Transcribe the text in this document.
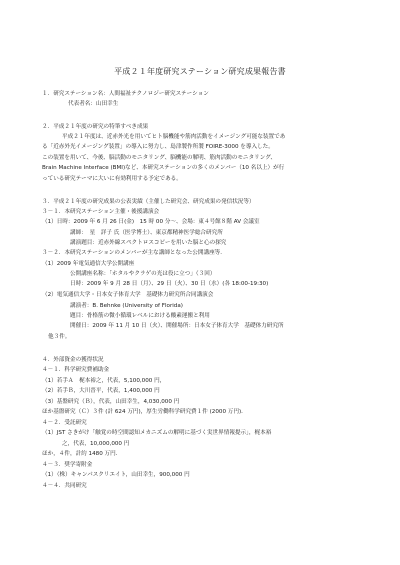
平成２１年度研究ステーション研究成果報告書
１．研究ステーション名：人間福祉テクノロジー研究ステーション
代表者名：山田幸生
２．平成２１年度の研究の特筆すべき成果
平成２１年度は、近赤外光を用いてヒト脳機能や筋肉活動をイメージング可能な装置であ
る「近赤外光イメージング装置」の導入に努力し、島津製作所製 FOIRE-3000 を導入した。
この装置を用いて、今後、脳活動のモニタリング、脳機能の解明、筋肉活動のモニタリング、
Brain Machine Interface (BMI)など、本研究ステーションの多くのメンバー（10 名以上）が行
っている研究テーマに大いに有効利用する予定である。
３．平成２１年度の研究成果の公表実績（主催した研究会、研究成果の発信状況等）
３－１．本研究ステーション主催・後援講演会
（1）日時：2009 年 6 月 26 日(金)　15 時 00 分～、会場：東４号館８階 AV 会議室
講師：　星　詳子 氏（医学博士）、東京都精神医学総合研究所
講演題目：近赤外線スペクトロスコピーを用いた脳と心の探究
３－２．本研究ステーションのメンバーが主な講師となった公開講座等．
（1）2009 年電気通信大学公開講座
公開講座名称：「ホタルやクラゲの光は役に立つ」（３回）
日時：2009 年 9 月 28 日（月）、29 日（火）、30 日（水）(各 18:00-19:30)
（2）電気通信大学・日本女子体育大学　基礎体力研究所合同講演会
講演者：B. Behnke (University of Florida)
題目：骨格筋の微小循環レベルにおける酸素運搬と利用
開催日：2009 年 11 月 10 日（火）、開催場所：日本女子体育大学　基礎体力研究所
他３件。
４．外部資金の獲得状況
４－１．科学研究費補助金
（1）若手Ａ　梶本裕之，代表，5,100,000 円，
（2）若手Ｂ，大川晋平，代表，1,400,000 円
（3）基盤研究（Ｂ），代表，山田幸生，4,030,000 円
ほか基盤研究（Ｃ）３件 (計 624 万円)，厚生労働科学研究費１件 (2000 万円)．
４－２．受託研究
（1）JST さきがけ「触覚の時空間認知メカニズムの解明に基づく実世界情報提示」，梶本裕
之，代表，10,000,000 円
ほか，４件，計約 1480 万円．
４－３．奨学寄附金
（1）（株）キャンパスクリエイト，山田幸生，900,000 円
４－４．共同研究
